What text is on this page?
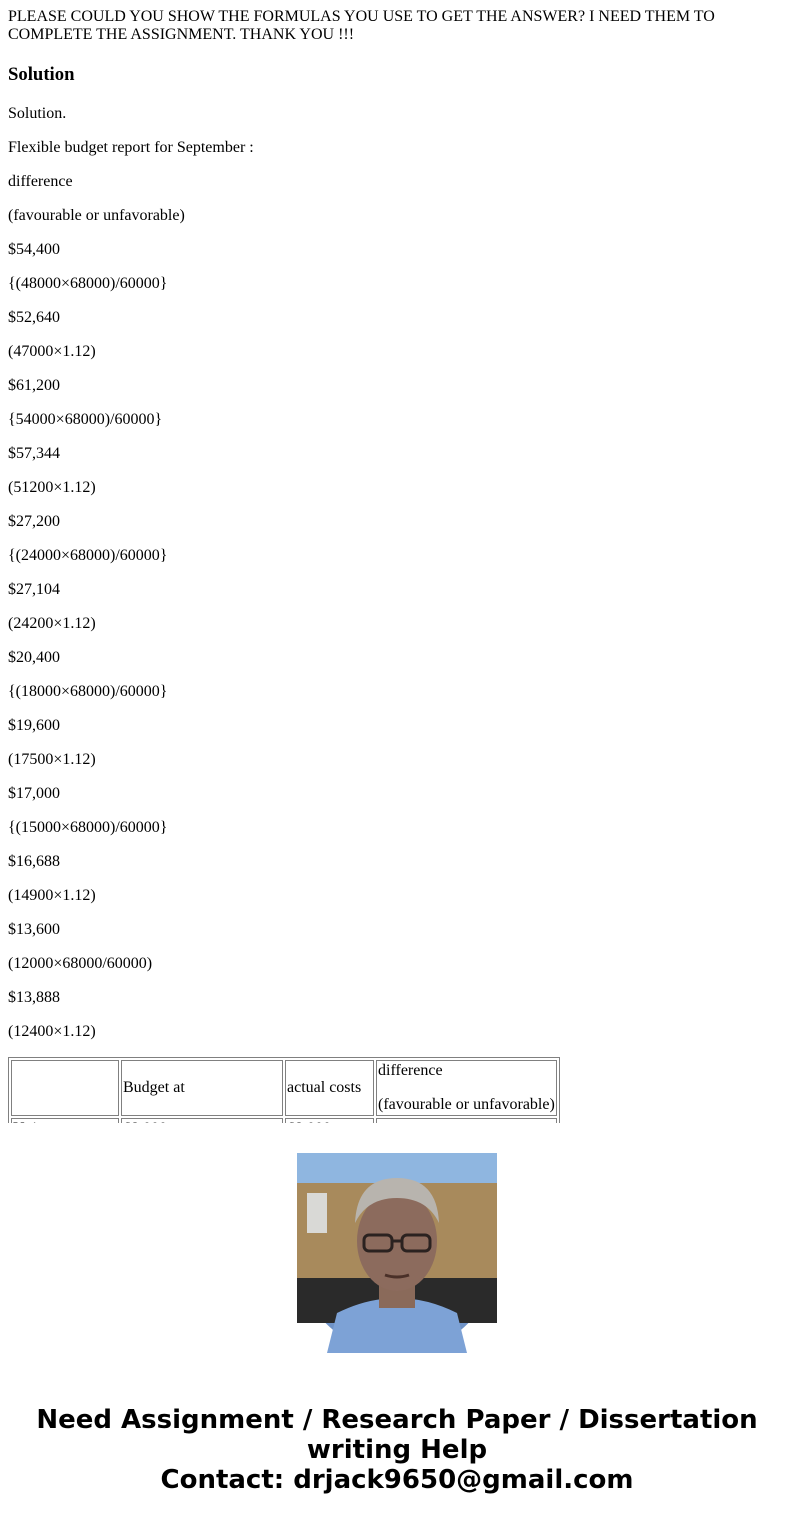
PLEASE COULD YOU SHOW THE FORMULAS YOU USE TO GET THE ANSWER? I NEED THEM TO COMPLETE THE ASSIGNMENT. THANK YOU !!!
Solution
Solution.
Flexible budget report for September :
difference
(favourable or unfavorable)
$54,400
{(48000×68000)/60000}
$52,640
(47000×1.12)
$61,200
{54000×68000)/60000}
$57,344
(51200×1.12)
$27,200
{(24000×68000)/60000}
$27,104
(24200×1.12)
$20,400
{(18000×68000)/60000}
$19,600
(17500×1.12)
$17,000
{(15000×68000)/60000}
$16,688
(14900×1.12)
$13,600
(12000×68000/60000)
$13,888
(12400×1.12)
	Budget at	actual costs	difference

(favourable or unfavorable)

Need Assignment / Research Paper / Dissertation
writing Help
Contact: drjack9650@gmail.com
